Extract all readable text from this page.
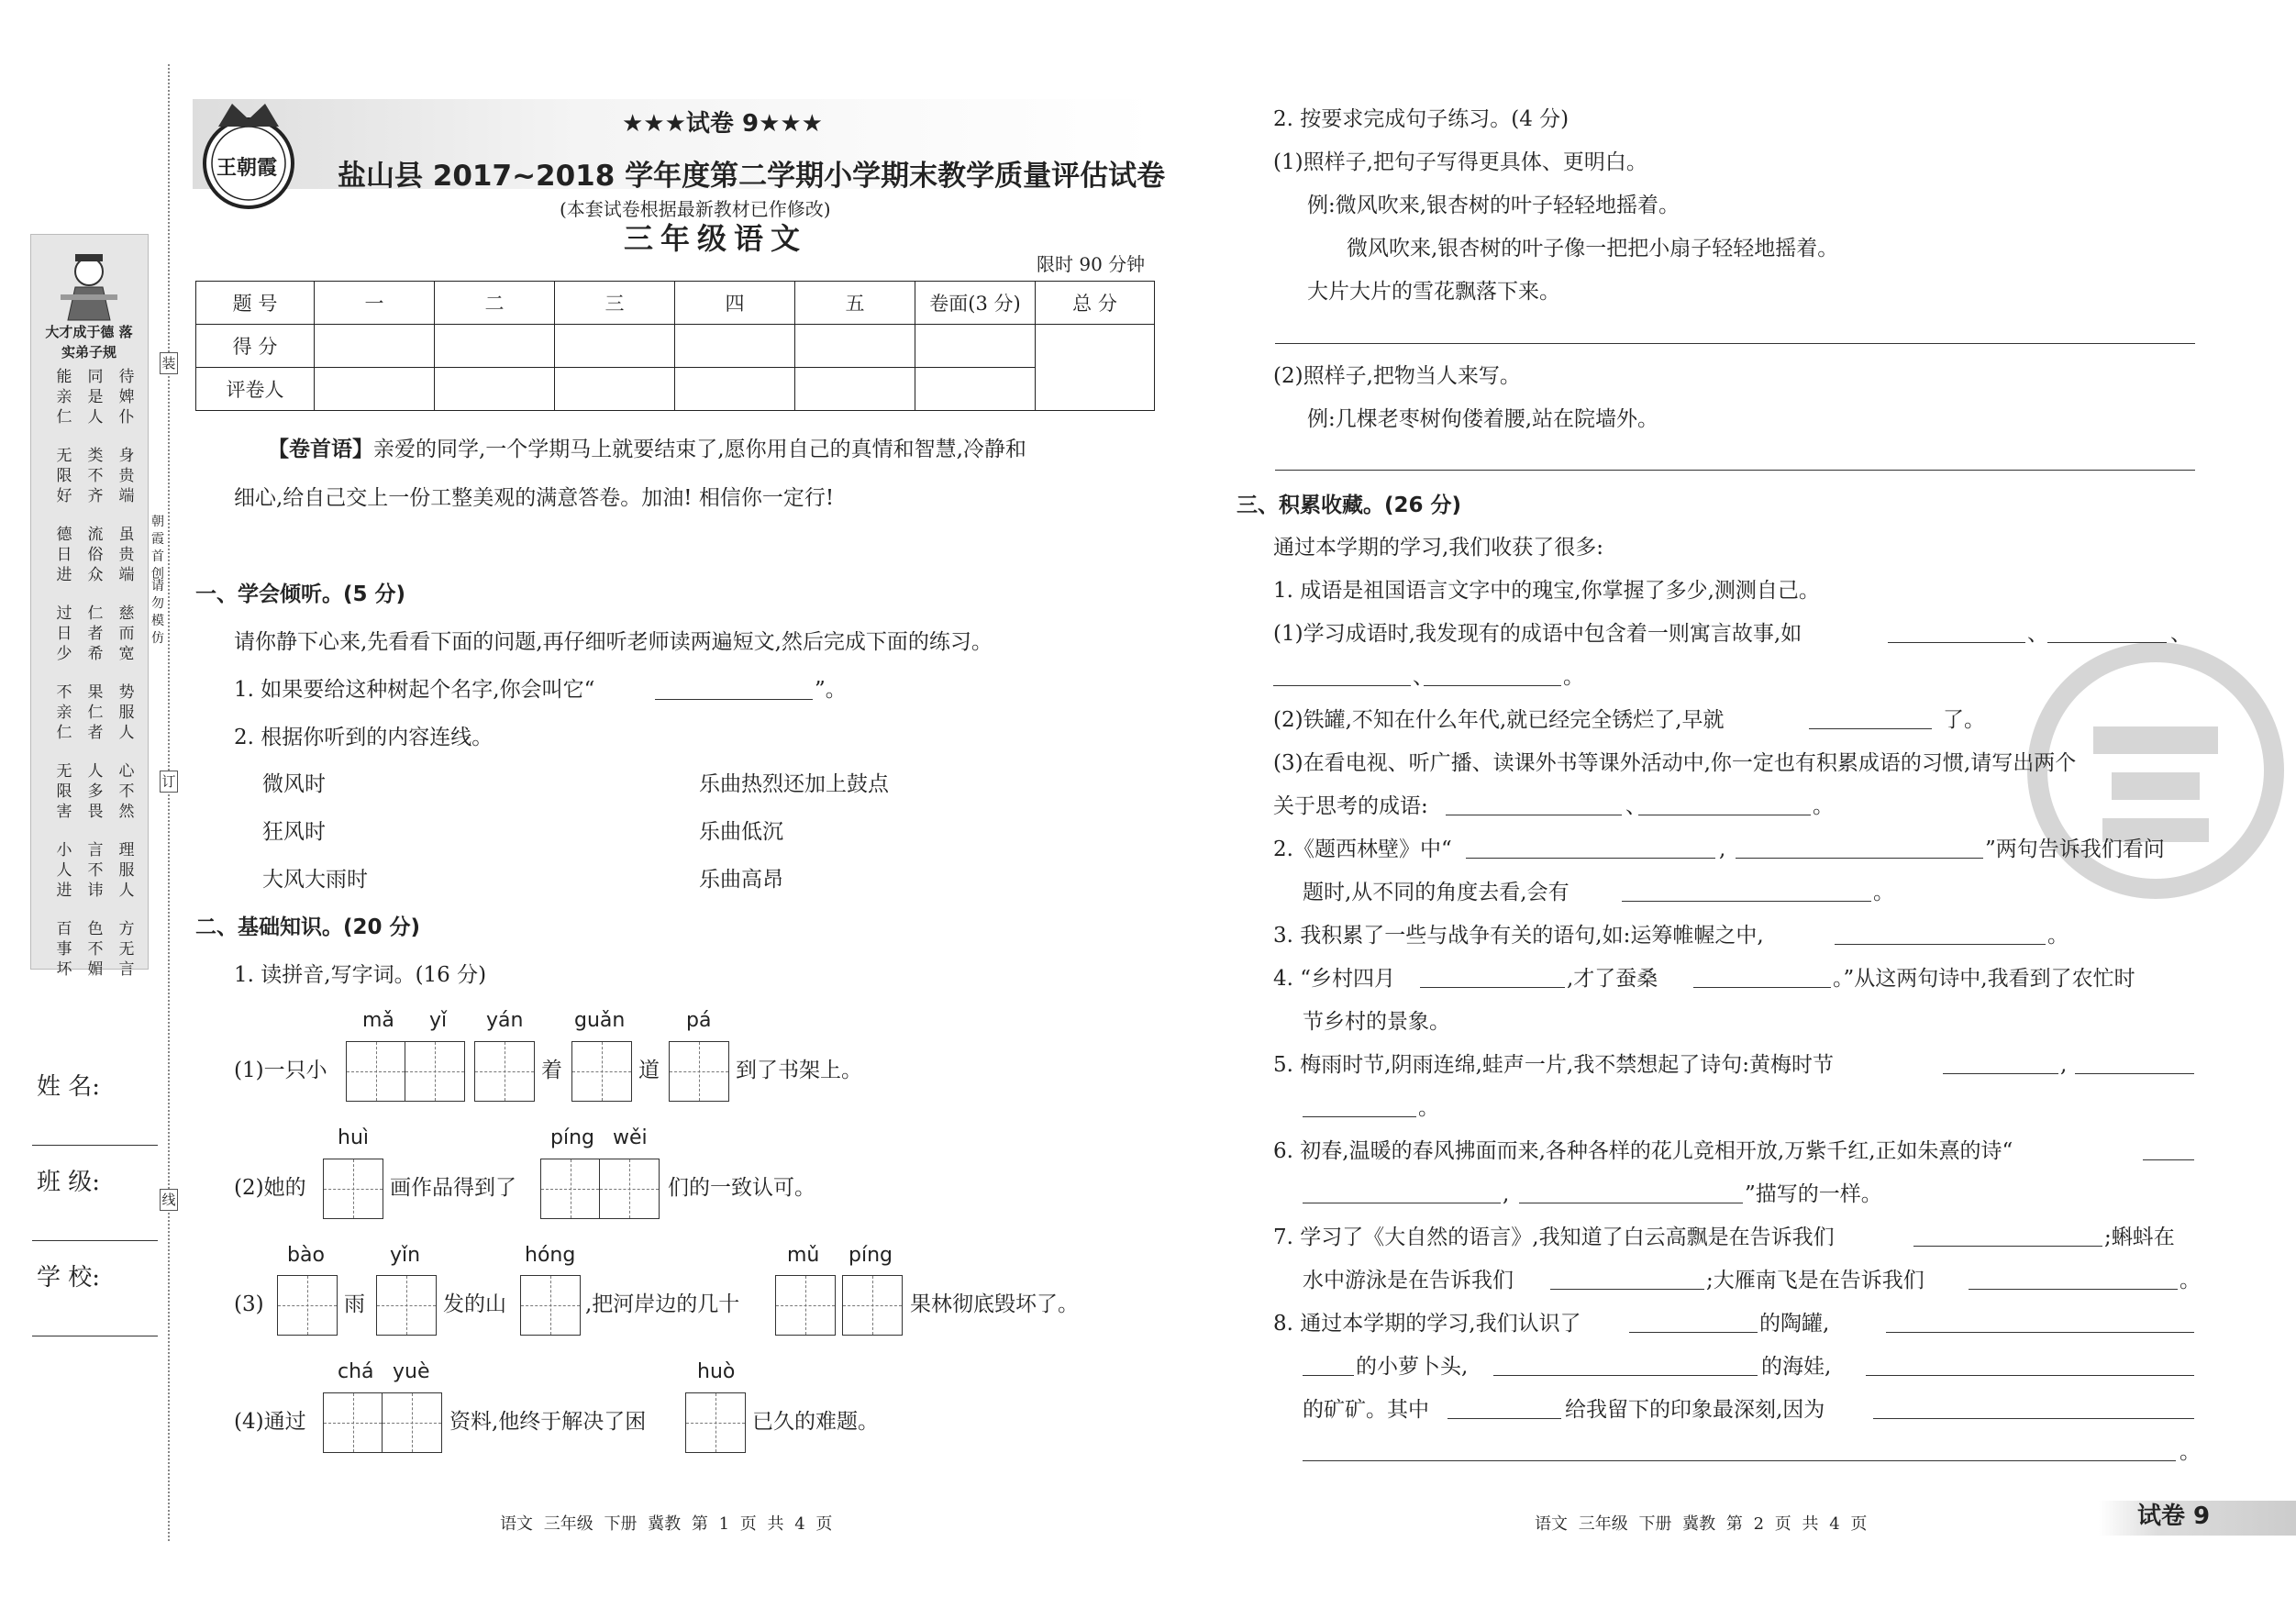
大才成于德 落实弟子规
装
订
线
朝霞首创
请勿模仿
姓 名:
班 级:
学 校:
王朝霞
★★★试卷 9★★★
盐山县 2017~2018 学年度第二学期小学期末教学质量评估试卷
(本套试卷根据最新教材已作修改)
三年级语文
限时 90 分钟
题 号	一	二	三	四	五	卷面(3 分)	总 分
得 分							
评卷人							
【卷首语】亲爱的同学,一个学期马上就要结束了,愿你用自己的真情和智慧,冷静和
细心,给自己交上一份工整美观的满意答卷。加油! 相信你一定行!
一、学会倾听。(5 分)
请你静下心来,先看看下面的问题,再仔细听老师读两遍短文,然后完成下面的练习。
1. 如果要给这种树起个名字,你会叫它“	”。
2. 根据你听到的内容连线。
微风时
狂风时
大风大雨时
乐曲热烈还加上鼓点
乐曲低沉
乐曲高昂
二、基础知识。(20 分)
1. 读拼音,写字词。(16 分)
mǎ yǐ yán	guǎn	pá
(1)一只小	着	道	到了书架上。
huì	píng wěi
(2)她的	画作品得到了	们的一致认可。
bào	yǐn	hóng	mǔ píng
(3)	雨	发的山	,把河岸边的几十	果林彻底毁坏了。
chá yuè	huò
(4)通过	资料,他终于解决了困	已久的难题。
语文 三年级 下册 冀教 第 1 页 共 4 页
2. 按要求完成句子练习。(4 分)
(1)照样子,把句子写得更具体、更明白。
例:微风吹来,银杏树的叶子轻轻地摇着。
微风吹来,银杏树的叶子像一把把小扇子轻轻地摇着。
大片大片的雪花飘落下来。
(2)照样子,把物当人来写。
例:几棵老枣树佝偻着腰,站在院墙外。
三、积累收藏。(26 分)
通过本学期的学习,我们收获了很多:
1. 成语是祖国语言文字中的瑰宝,你掌握了多少,测测自己。
(1)学习成语时,我发现有的成语中包含着一则寓言故事,如	、	、
、	。
(2)铁罐,不知在什么年代,就已经完全锈烂了,早就	了。
(3)在看电视、听广播、读课外书等课外活动中,你一定也有积累成语的习惯,请写出两个
关于思考的成语:	、	。
2.《题西林壁》中“	,	”两句告诉我们看问
题时,从不同的角度去看,会有	。
3. 我积累了一些与战争有关的语句,如:运筹帷幄之中,	。
4. “乡村四月	,才了蚕桑	。”从这两句诗中,我看到了农忙时
节乡村的景象。
5. 梅雨时节,阴雨连绵,蛙声一片,我不禁想起了诗句:黄梅时节	,
。
6. 初春,温暖的春风拂面而来,各种各样的花儿竞相开放,万紫千红,正如朱熹的诗“
,	”描写的一样。
7. 学习了《大自然的语言》,我知道了白云高飘是在告诉我们	;蝌蚪在
水中游泳是在告诉我们	;大雁南飞是在告诉我们	。
8. 通过本学期的学习,我们认识了	的陶罐,
的小萝卜头,	的海娃,
的矿矿。其中	给我留下的印象最深刻,因为
。
语文 三年级 下册 冀教 第 2 页 共 4 页	试卷 9
能亲仁
同是人
待婢仆
无限好
类不齐
身贵端
德日进
流俗众
虽贵端
过日少
仁者希
慈而宽
不亲仁
果仁者
势服人
无限害
人多畏
心不然
小人进
言不讳
理服人
百事坏
色不媚
方无言
